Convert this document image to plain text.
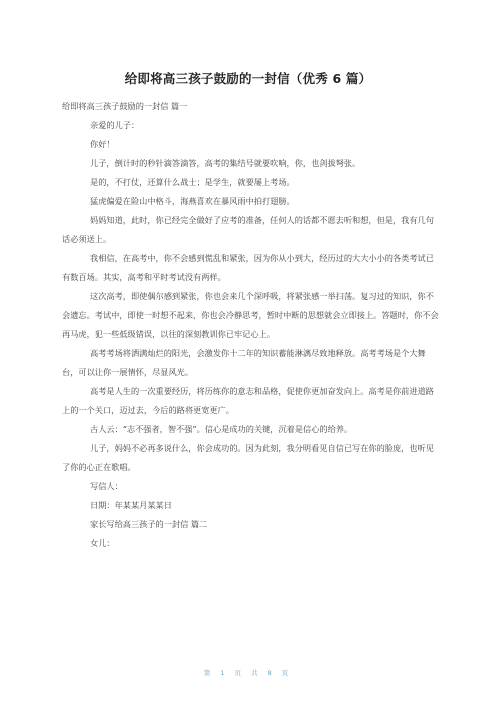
给即将高三孩子鼓励的一封信（优秀 6 篇）

给即将高三孩子鼓励的一封信 篇一

亲爱的儿子：

你好！

儿子，倒计时的秒针滴答滴答，高考的集结号就要吹响，你，也剑拔弩张。

是的，不打仗，还算什么战士；是学生，就要屡上考场。

猛虎偏爱在险山中格斗，海燕喜欢在暴风雨中拍打翅膀。

妈妈知道，此时，你已经完全做好了应考的准备，任何人的话都不愿去听和想，但是，我有几句话必须送上。

我相信，在高考中，你不会感到慌乱和紧张，因为你从小到大，经历过的大大小小的各类考试已有数百场。其实，高考和平时考试没有两样。

这次高考，即使偶尔感到紧张，你也会来几个深呼吸，将紧张感一举扫荡。复习过的知识，你不会遗忘。考试中，即使一时想不起来，你也会冷静思考，暂时中断的思想就会立即接上。答题时，你不会再马虎，犯一些低级错误，以往的深刻教训你已牢记心上。

高考考场将洒满灿烂的阳光，会激发你十二年的知识蓄能淋漓尽致地释放。高考考场是个大舞台，可以让你一展情怀，尽显风光。

高考是人生的一次重要经历，将历练你的意志和品格，促使你更加奋发向上。高考是你前进道路上的一个关口，迈过去，今后的路将更宽更广。

古人云：“志不强者，智不强”。信心是成功的关键，沉着是信心的给养。

儿子，妈妈不必再多说什么，你会成功的。因为此刻，我分明看见自信已写在你的脸庞，也听见了你的心正在歌唱。

写信人：

日期：年某某月某某日

家长写给高三孩子的一封信 篇二

女儿：

第 1 页 共 8 页
